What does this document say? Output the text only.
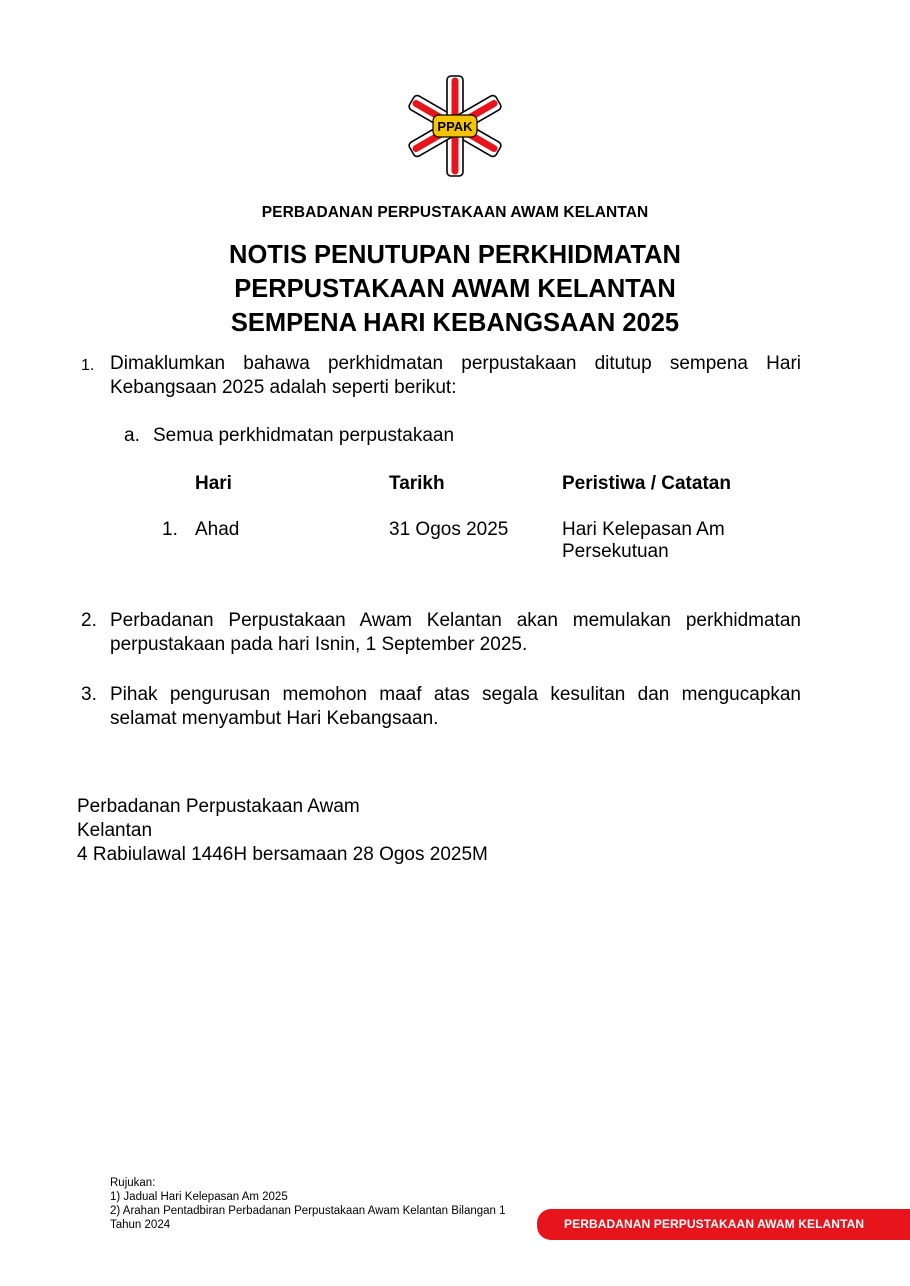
PPAK
PERBADANAN PERPUSTAKAAN AWAM KELANTAN
NOTIS PENUTUPAN PERKHIDMATAN
PERPUSTAKAAN AWAM KELANTAN
SEMPENA HARI KEBANGSAAN 2025
1. Dimaklumkan bahawa perkhidmatan perpustakaan ditutup sempena Hari Kebangsaan 2025 adalah seperti berikut:
a. Semua perkhidmatan perpustakaan
Hari	Tarikh	Peristiwa / Catatan
1. Ahad	31 Ogos 2025	Hari Kelepasan Am
Persekutuan
2. Perbadanan Perpustakaan Awam Kelantan akan memulakan perkhidmatan perpustakaan pada hari Isnin, 1 September 2025.
3. Pihak pengurusan memohon maaf atas segala kesulitan dan mengucapkan selamat menyambut Hari Kebangsaan.
Perbadanan Perpustakaan Awam
Kelantan
4 Rabiulawal 1446H bersamaan 28 Ogos 2025M
Rujukan:
1) Jadual Hari Kelepasan Am 2025
2) Arahan Pentadbiran Perbadanan Perpustakaan Awam Kelantan Bilangan 1
Tahun 2024	PERBADANAN PERPUSTAKAAN AWAM KELANTAN
